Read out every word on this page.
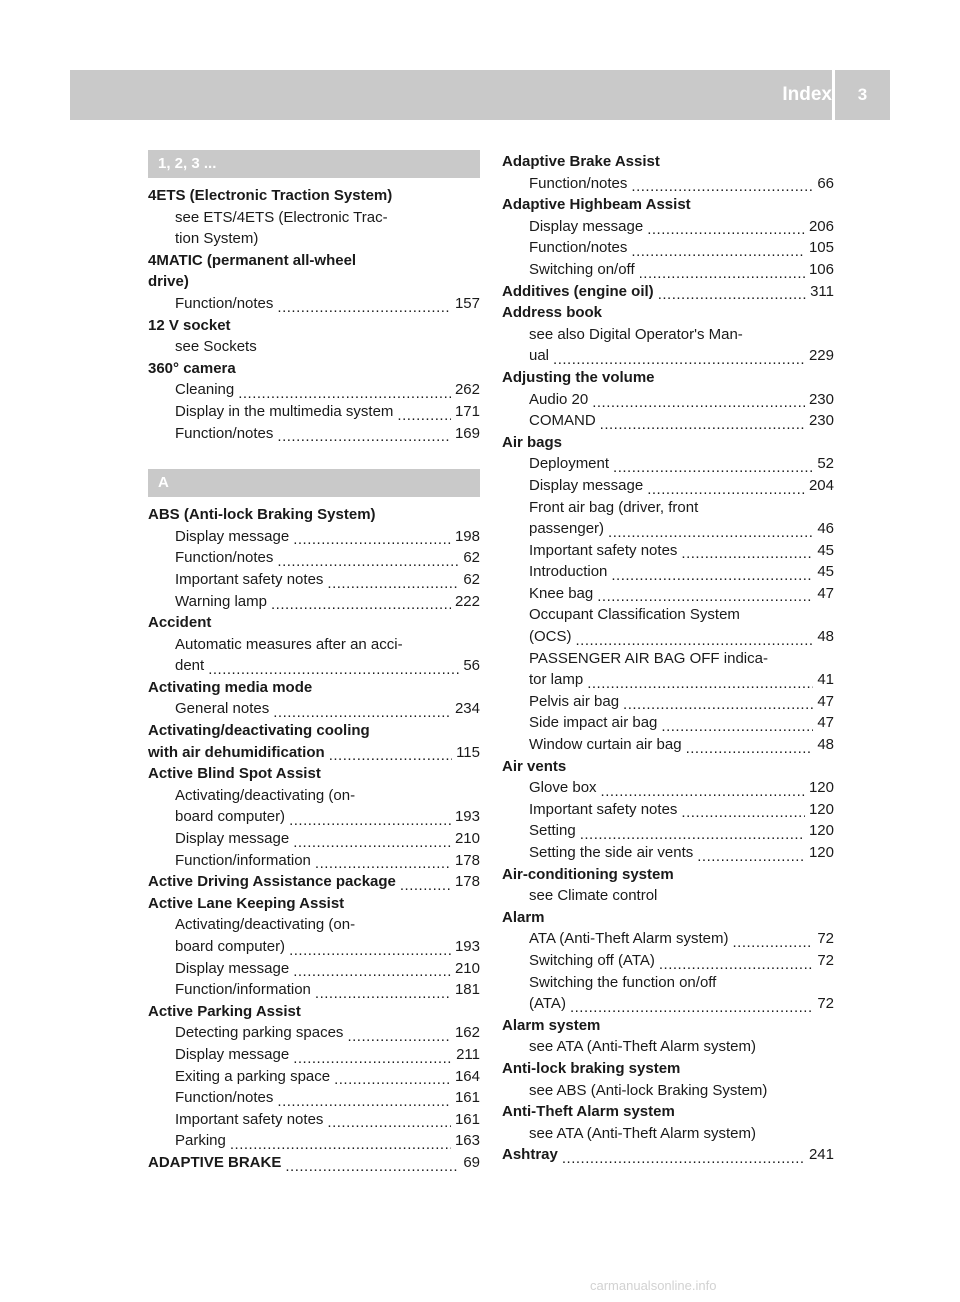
Index	3
1, 2, 3 ...
4ETS (Electronic Traction System)
see ETS/4ETS (Electronic Trac-
tion System)
4MATIC (permanent all-wheel
drive)
Function/notes .....	157
12 V socket
see Sockets
360° camera
Cleaning .....	262
Display in the multimedia system .....	171
Function/notes .....	169
A
ABS (Anti-lock Braking System)
Display message .....	198
Function/notes .....	62
Important safety notes .....	62
Warning lamp .....	222
Accident
Automatic measures after an acci-
dent .....	56
Activating media mode
General notes .....	234
Activating/deactivating cooling
with air dehumidification .....	115
Active Blind Spot Assist
Activating/deactivating (on-
board computer) .....	193
Display message .....	210
Function/information .....	178
Active Driving Assistance package .....	178
Active Lane Keeping Assist
Activating/deactivating (on-
board computer) .....	193
Display message .....	210
Function/information .....	181
Active Parking Assist
Detecting parking spaces .....	162
Display message .....	211
Exiting a parking space .....	164
Function/notes .....	161
Important safety notes .....	161
Parking .....	163
ADAPTIVE BRAKE .....	69
Adaptive Brake Assist
Function/notes .....	66
Adaptive Highbeam Assist
Display message .....	206
Function/notes .....	105
Switching on/off .....	106
Additives (engine oil) .....	311
Address book
see also Digital Operator's Man-
ual .....	229
Adjusting the volume
Audio 20 .....	230
COMAND .....	230
Air bags
Deployment .....	52
Display message .....	204
Front air bag (driver, front
passenger) .....	46
Important safety notes .....	45
Introduction .....	45
Knee bag .....	47
Occupant Classification System
(OCS) .....	48
PASSENGER AIR BAG OFF indica-
tor lamp .....	41
Pelvis air bag .....	47
Side impact air bag .....	47
Window curtain air bag .....	48
Air vents
Glove box .....	120
Important safety notes .....	120
Setting .....	120
Setting the side air vents .....	120
Air-conditioning system
see Climate control
Alarm
ATA (Anti-Theft Alarm system) .....	72
Switching off (ATA) .....	72
Switching the function on/off
(ATA) .....	72
Alarm system
see ATA (Anti-Theft Alarm system)
Anti-lock braking system
see ABS (Anti-lock Braking System)
Anti-Theft Alarm system
see ATA (Anti-Theft Alarm system)
Ashtray .....	241
carmanualsonline.info
